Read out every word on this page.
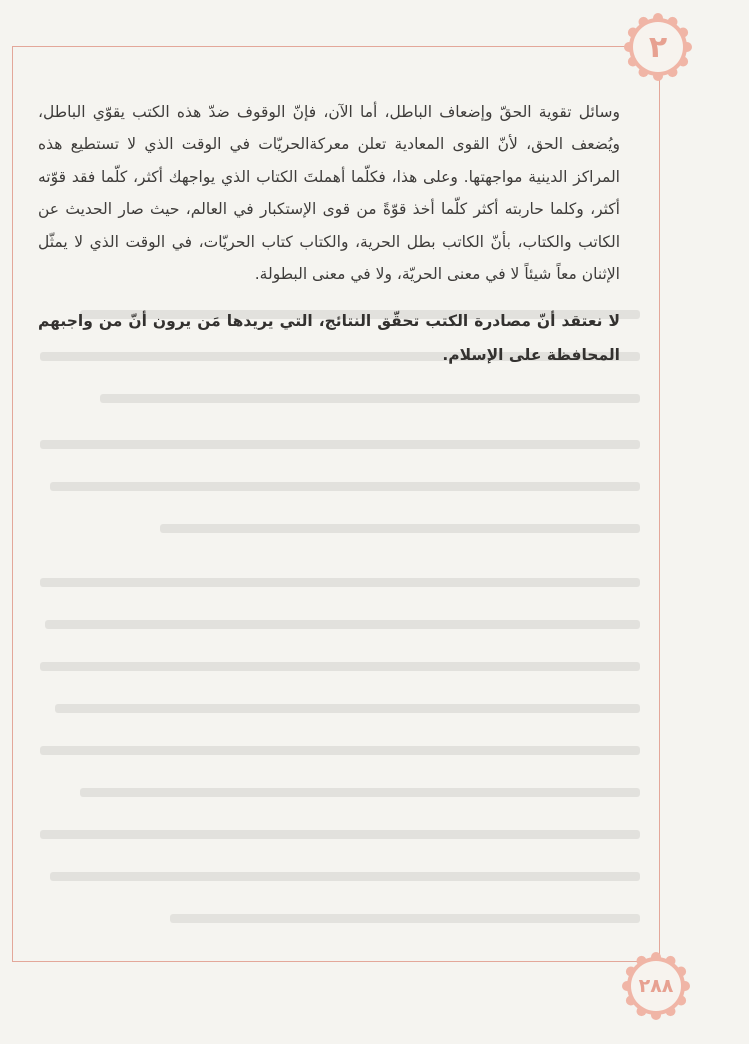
٢

وسائل تقوية الحقّ وإضعاف الباطل، أما الآن، فإنّ الوقوف ضدّ هذه الكتب يقوّي الباطل، ويُضعف الحق، لأنّ القوى المعادية تعلن معركةالحريّات في الوقت الذي لا تستطيع هذه المراكز الدينية مواجهتها. وعلى هذا، فكلّما أهملتَ الكتاب الذي يواجهك أكثر، كلّما فقد قوّته أكثر، وكلما حاربته أكثر كلّما أخذ قوّةً من قوى الإستكبار في العالم، حيث صار الحديث عن الكاتب والكتاب، بأنّ الكاتب بطل الحرية، والكتاب كتاب الحريّات، في الوقت الذي لا يمثّل الإثنان معاً شيئاً لا في معنى الحريّة، ولا في معنى البطولة.

لا نعتقد أنّ مصادرة الكتب تحقّق النتائج، التي يريدها مَن يرون أنّ من واجبهم المحافظة على الإسلام.

٢٨٨
